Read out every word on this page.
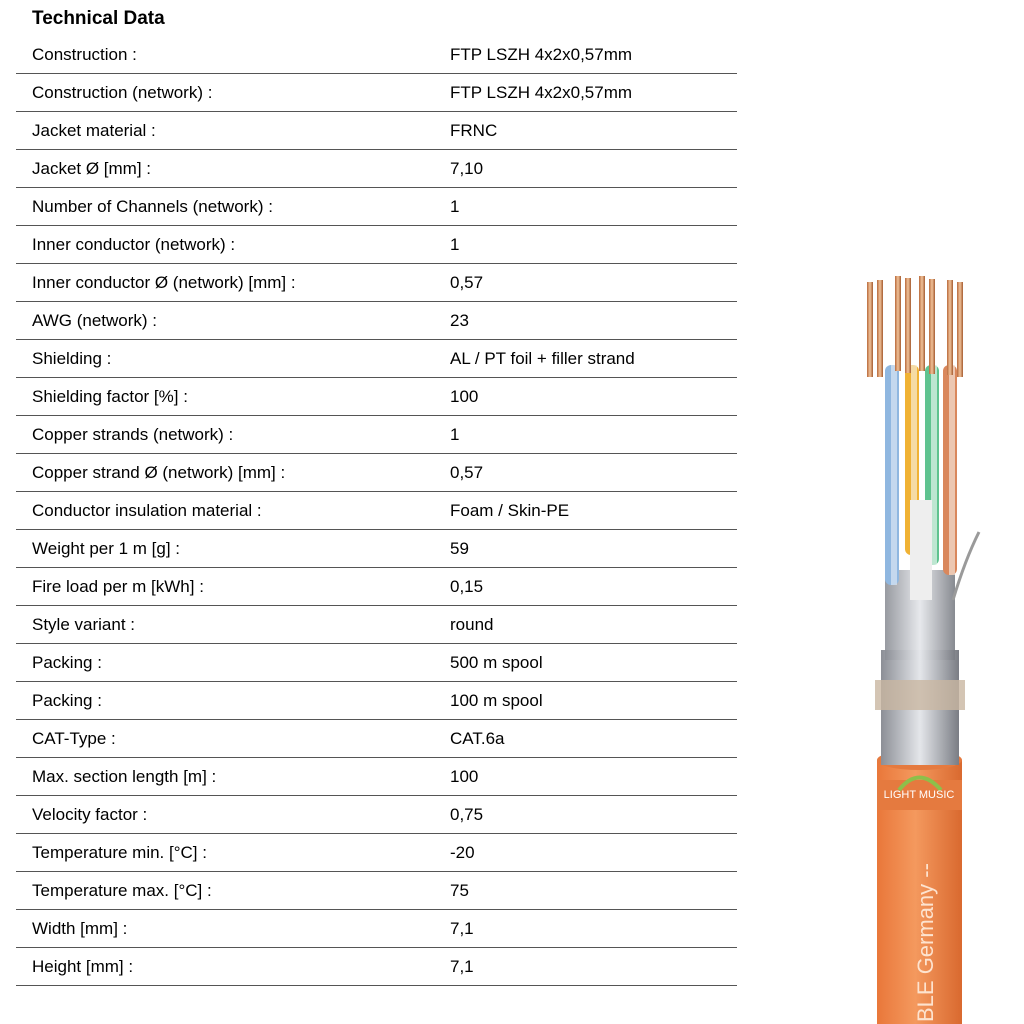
Technical Data
Construction :	FTP LSZH 4x2x0,57mm
Construction (network) :	FTP LSZH 4x2x0,57mm
Jacket material :	FRNC
Jacket Ø [mm] :	7,10
Number of Channels (network) :	1
Inner conductor (network) :	1
Inner conductor Ø (network) [mm] :	0,57
AWG (network) :	23
Shielding :	AL / PT foil + filler strand
Shielding factor [%] :	100
Copper strands (network) :	1
Copper strand Ø (network) [mm] :	0,57
Conductor insulation material :	Foam / Skin-PE
Weight per 1 m [g] :	59
Fire load per m [kWh] :	0,15
Style variant :	round
Packing :	500 m spool
Packing :	100 m spool
CAT-Type :	CAT.6a
Max. section length [m] :	100
Velocity factor :	0,75
Temperature min. [°C] :	-20
Temperature max. [°C] :	75
Width [mm] :	7,1
Height [mm] :	7,1
LIGHT MUSIC
BLE Germany --
